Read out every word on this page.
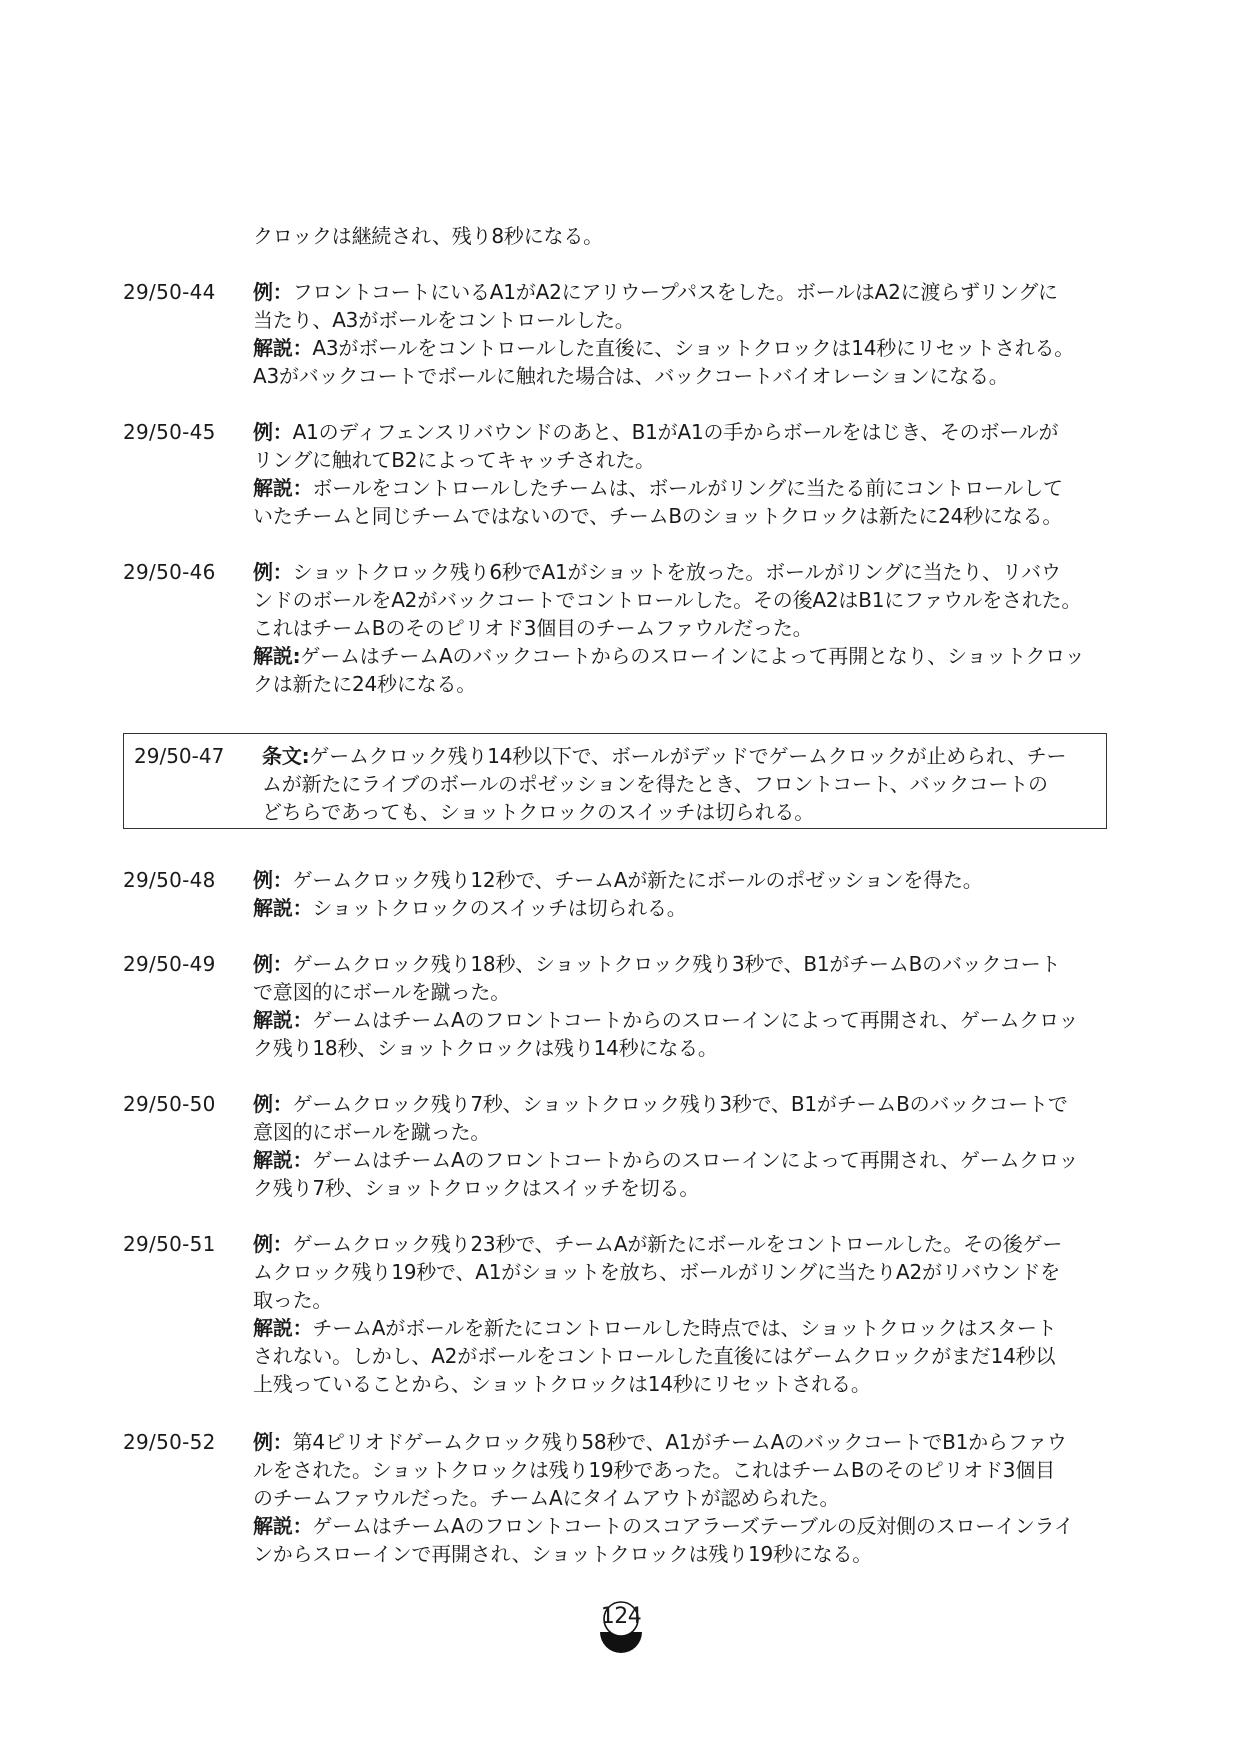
クロックは継続され、残り8秒になる。
29/50-44 例：フロントコートにいるA1がA2にアリウープパスをした。ボールはA2に渡らずリングに
当たり、A3がボールをコントロールした。
解説：A3がボールをコントロールした直後に、ショットクロックは14秒にリセットされる。
A3がバックコートでボールに触れた場合は、バックコートバイオレーションになる。
29/50-45 例：A1のディフェンスリバウンドのあと、B1がA1の手からボールをはじき、そのボールが
リングに触れてB2によってキャッチされた。
解説：ボールをコントロールしたチームは、ボールがリングに当たる前にコントロールして
いたチームと同じチームではないので、チームBのショットクロックは新たに24秒になる。
29/50-46 例：ショットクロック残り6秒でA1がショットを放った。ボールがリングに当たり、リバウ
ンドのボールをA2がバックコートでコントロールした。その後A2はB1にファウルをされた。
これはチームBのそのピリオド3個目のチームファウルだった。
解説:ゲームはチームAのバックコートからのスローインによって再開となり、ショットクロッ
クは新たに24秒になる。
29/50-47 条文:ゲームクロック残り14秒以下で、ボールがデッドでゲームクロックが止められ、チー
ムが新たにライブのボールのポゼッションを得たとき、フロントコート、バックコートの
どちらであっても、ショットクロックのスイッチは切られる。
29/50-48 例：ゲームクロック残り12秒で、チームAが新たにボールのポゼッションを得た。
解説：ショットクロックのスイッチは切られる。
29/50-49 例：ゲームクロック残り18秒、ショットクロック残り3秒で、B1がチームBのバックコート
で意図的にボールを蹴った。
解説：ゲームはチームAのフロントコートからのスローインによって再開され、ゲームクロッ
ク残り18秒、ショットクロックは残り14秒になる。
29/50-50 例：ゲームクロック残り7秒、ショットクロック残り3秒で、B1がチームBのバックコートで
意図的にボールを蹴った。
解説：ゲームはチームAのフロントコートからのスローインによって再開され、ゲームクロッ
ク残り7秒、ショットクロックはスイッチを切る。
29/50-51 例：ゲームクロック残り23秒で、チームAが新たにボールをコントロールした。その後ゲー
ムクロック残り19秒で、A1がショットを放ち、ボールがリングに当たりA2がリバウンドを
取った。
解説：チームAがボールを新たにコントロールした時点では、ショットクロックはスタート
されない。しかし、A2がボールをコントロールした直後にはゲームクロックがまだ14秒以
上残っていることから、ショットクロックは14秒にリセットされる。
29/50-52 例：第4ピリオドゲームクロック残り58秒で、A1がチームAのバックコートでB1からファウ
ルをされた。ショットクロックは残り19秒であった。これはチームBのそのピリオド3個目
のチームファウルだった。チームAにタイムアウトが認められた。
解説：ゲームはチームAのフロントコートのスコアラーズテーブルの反対側のスローインライ
ンからスローインで再開され、ショットクロックは残り19秒になる。
124
